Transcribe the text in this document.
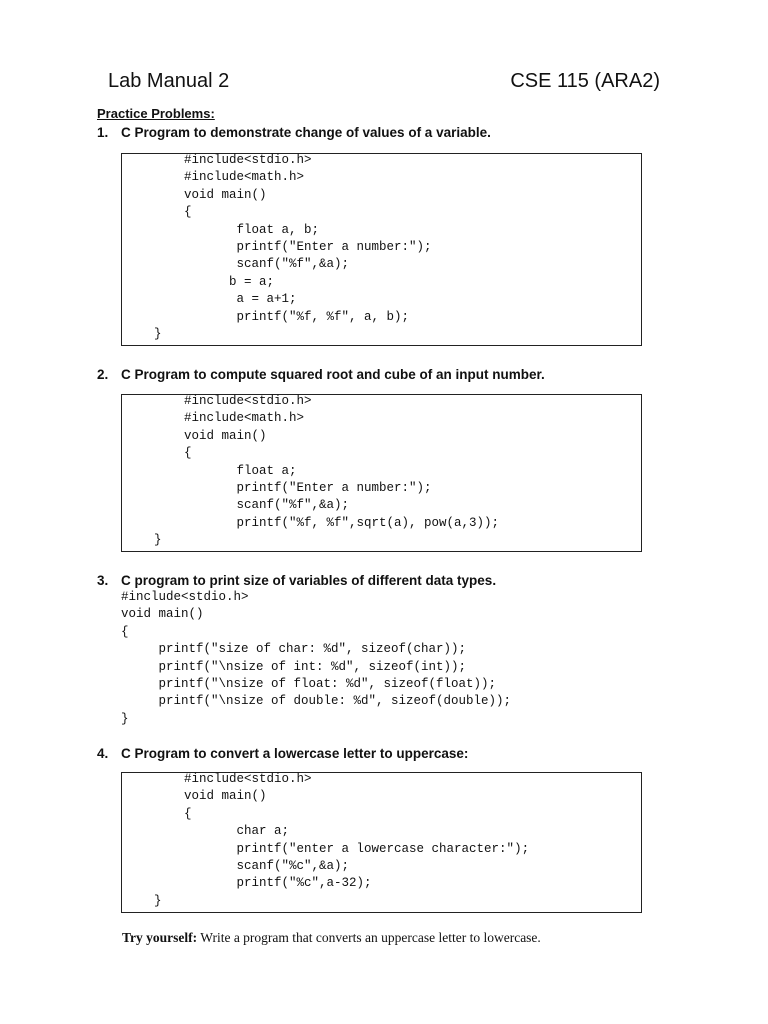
Lab Manual 2	CSE 115 (ARA2)
Practice Problems:
1. C Program to demonstrate change of values of a variable.
#include<stdio.h>
#include<math.h>
void main()
{
float a, b;
printf("Enter a number:");
scanf("%f",&a);
b = a;
a = a+1;
printf("%f, %f", a, b);
}
2. C Program to compute squared root and cube of an input number.
#include<stdio.h>
#include<math.h>
void main()
{
float a;
printf("Enter a number:");
scanf("%f",&a);
printf("%f, %f",sqrt(a), pow(a,3));
}
3. C program to print size of variables of different data types.
#include<stdio.h>
void main()
{
printf("size of char: %d", sizeof(char));
printf("\nsize of int: %d", sizeof(int));
printf("\nsize of float: %d", sizeof(float));
printf("\nsize of double: %d", sizeof(double));
}
4. C Program to convert a lowercase letter to uppercase:
#include<stdio.h>
void main()
{
char a;
printf("enter a lowercase character:");
scanf("%c",&a);
printf("%c",a-32);
}
Try yourself: Write a program that converts an uppercase letter to lowercase.
